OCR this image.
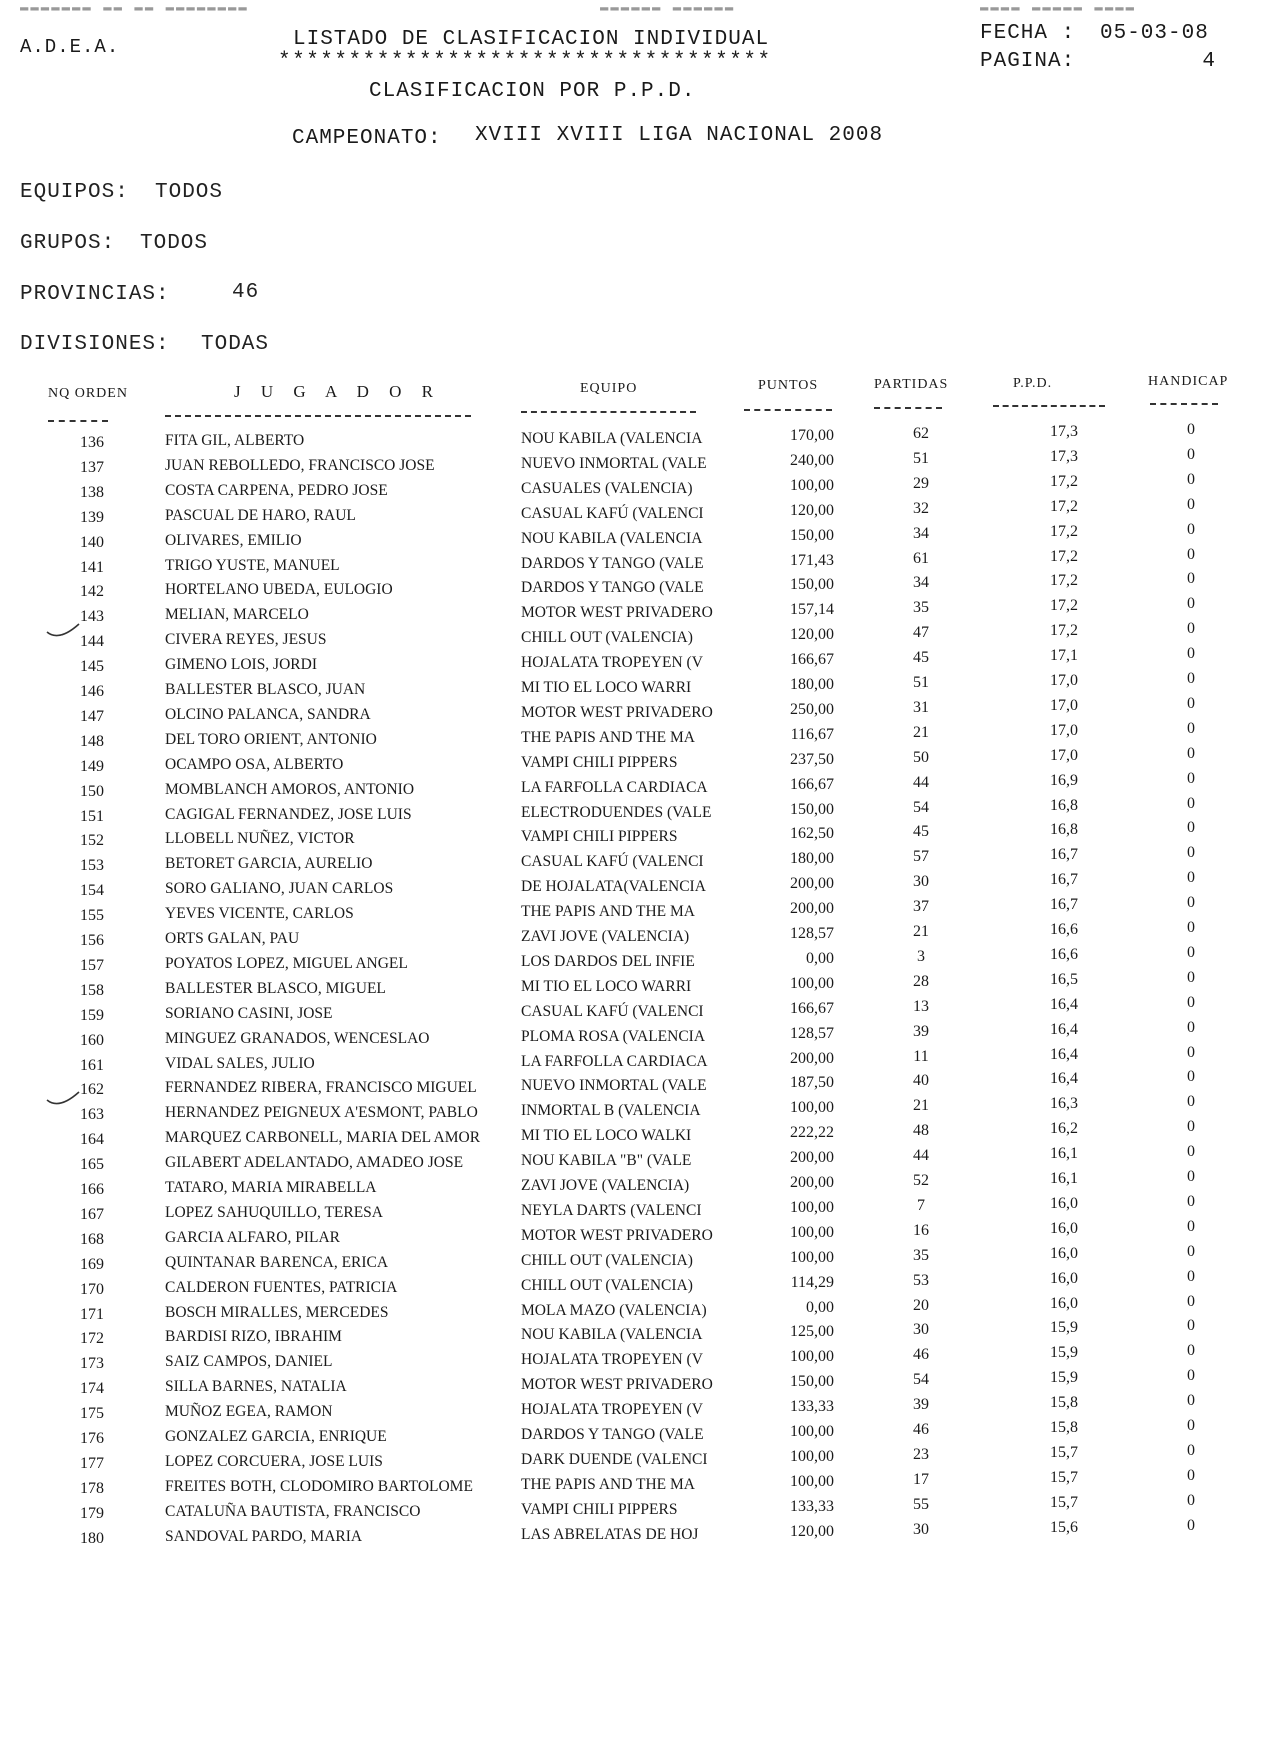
▬▬▬▬▬▬▬ ▬▬ ▬▬ ▬▬▬▬▬▬▬▬	▬▬▬▬▬▬ ▬▬▬▬▬▬	▬▬▬▬ ▬▬▬▬▬ ▬▬▬▬
A.D.E.A.	LISTADO DE CLASIFICACION INDIVIDUAL
***********************************
CLASIFICACION POR P.P.D.
FECHA : 05-03-08
PAGINA:	4
CAMPEONATO: XVIII XVIII LIGA NACIONAL 2008
EQUIPOS: TODOS
GRUPOS: TODOS
PROVINCIAS:	46
DIVISIONES: TODAS
NQ ORDEN	J U G A D O R	EQUIPO	PUNTOS	PARTIDAS	P.P.D.	HANDICAP
136	FITA GIL, ALBERTO	NOU KABILA (VALENCIA	170,00	62	17,3	0
137	JUAN REBOLLEDO, FRANCISCO JOSE	NUEVO INMORTAL (VALE	240,00	51	17,3	0
138	COSTA CARPENA, PEDRO JOSE	CASUALES (VALENCIA)	100,00	29	17,2	0
139	PASCUAL DE HARO, RAUL	CASUAL KAFÚ (VALENCI	120,00	32	17,2	0
140	OLIVARES, EMILIO	NOU KABILA (VALENCIA	150,00	34	17,2	0
141	TRIGO YUSTE, MANUEL	DARDOS Y TANGO (VALE	171,43	61	17,2	0
142	HORTELANO UBEDA, EULOGIO	DARDOS Y TANGO (VALE	150,00	34	17,2	0
143	MELIAN, MARCELO	MOTOR WEST PRIVADERO	157,14	35	17,2	0
144	CIVERA REYES, JESUS	CHILL OUT (VALENCIA)	120,00	47	17,2	0
145	GIMENO LOIS, JORDI	HOJALATA TROPEYEN (V	166,67	45	17,1	0
146	BALLESTER BLASCO, JUAN	MI TIO EL LOCO WARRI	180,00	51	17,0	0
147	OLCINO PALANCA, SANDRA	MOTOR WEST PRIVADERO	250,00	31	17,0	0
148	DEL TORO ORIENT, ANTONIO	THE PAPIS AND THE MA	116,67	21	17,0	0
149	OCAMPO OSA, ALBERTO	VAMPI CHILI PIPPERS	237,50	50	17,0	0
150	MOMBLANCH AMOROS, ANTONIO	LA FARFOLLA CARDIACA	166,67	44	16,9	0
151	CAGIGAL FERNANDEZ, JOSE LUIS	ELECTRODUENDES (VALE	150,00	54	16,8	0
152	LLOBELL NUÑEZ, VICTOR	VAMPI CHILI PIPPERS	162,50	45	16,8	0
153	BETORET GARCIA, AURELIO	CASUAL KAFÚ (VALENCI	180,00	57	16,7	0
154	SORO GALIANO, JUAN CARLOS	DE HOJALATA(VALENCIA	200,00	30	16,7	0
155	YEVES VICENTE, CARLOS	THE PAPIS AND THE MA	200,00	37	16,7	0
156	ORTS GALAN, PAU	ZAVI JOVE (VALENCIA)	128,57	21	16,6	0
157	POYATOS LOPEZ, MIGUEL ANGEL	LOS DARDOS DEL INFIE	0,00	3	16,6	0
158	BALLESTER BLASCO, MIGUEL	MI TIO EL LOCO WARRI	100,00	28	16,5	0
159	SORIANO CASINI, JOSE	CASUAL KAFÚ (VALENCI	166,67	13	16,4	0
160	MINGUEZ GRANADOS, WENCESLAO	PLOMA ROSA (VALENCIA	128,57	39	16,4	0
161	VIDAL SALES, JULIO	LA FARFOLLA CARDIACA	200,00	11	16,4	0
162	FERNANDEZ RIBERA, FRANCISCO MIGUEL	NUEVO INMORTAL (VALE	187,50	40	16,4	0
163	HERNANDEZ PEIGNEUX A'ESMONT, PABLO	INMORTAL B (VALENCIA	100,00	21	16,3	0
164	MARQUEZ CARBONELL, MARIA DEL AMOR	MI TIO EL LOCO WALKI	222,22	48	16,2	0
165	GILABERT ADELANTADO, AMADEO JOSE	NOU KABILA "B" (VALE	200,00	44	16,1	0
166	TATARO, MARIA MIRABELLA	ZAVI JOVE (VALENCIA)	200,00	52	16,1	0
167	LOPEZ SAHUQUILLO, TERESA	NEYLA DARTS (VALENCI	100,00	7	16,0	0
168	GARCIA ALFARO, PILAR	MOTOR WEST PRIVADERO	100,00	16	16,0	0
169	QUINTANAR BARENCA, ERICA	CHILL OUT (VALENCIA)	100,00	35	16,0	0
170	CALDERON FUENTES, PATRICIA	CHILL OUT (VALENCIA)	114,29	53	16,0	0
171	BOSCH MIRALLES, MERCEDES	MOLA MAZO (VALENCIA)	0,00	20	16,0	0
172	BARDISI RIZO, IBRAHIM	NOU KABILA (VALENCIA	125,00	30	15,9	0
173	SAIZ CAMPOS, DANIEL	HOJALATA TROPEYEN (V	100,00	46	15,9	0
174	SILLA BARNES, NATALIA	MOTOR WEST PRIVADERO	150,00	54	15,9	0
175	MUÑOZ EGEA, RAMON	HOJALATA TROPEYEN (V	133,33	39	15,8	0
176	GONZALEZ GARCIA, ENRIQUE	DARDOS Y TANGO (VALE	100,00	46	15,8	0
177	LOPEZ CORCUERA, JOSE LUIS	DARK DUENDE (VALENCI	100,00	23	15,7	0
178	FREITES BOTH, CLODOMIRO BARTOLOME	THE PAPIS AND THE MA	100,00	17	15,7	0
179	CATALUÑA BAUTISTA, FRANCISCO	VAMPI CHILI PIPPERS	133,33	55	15,7	0
180	SANDOVAL PARDO, MARIA	LAS ABRELATAS DE HOJ	120,00	30	15,6	0
